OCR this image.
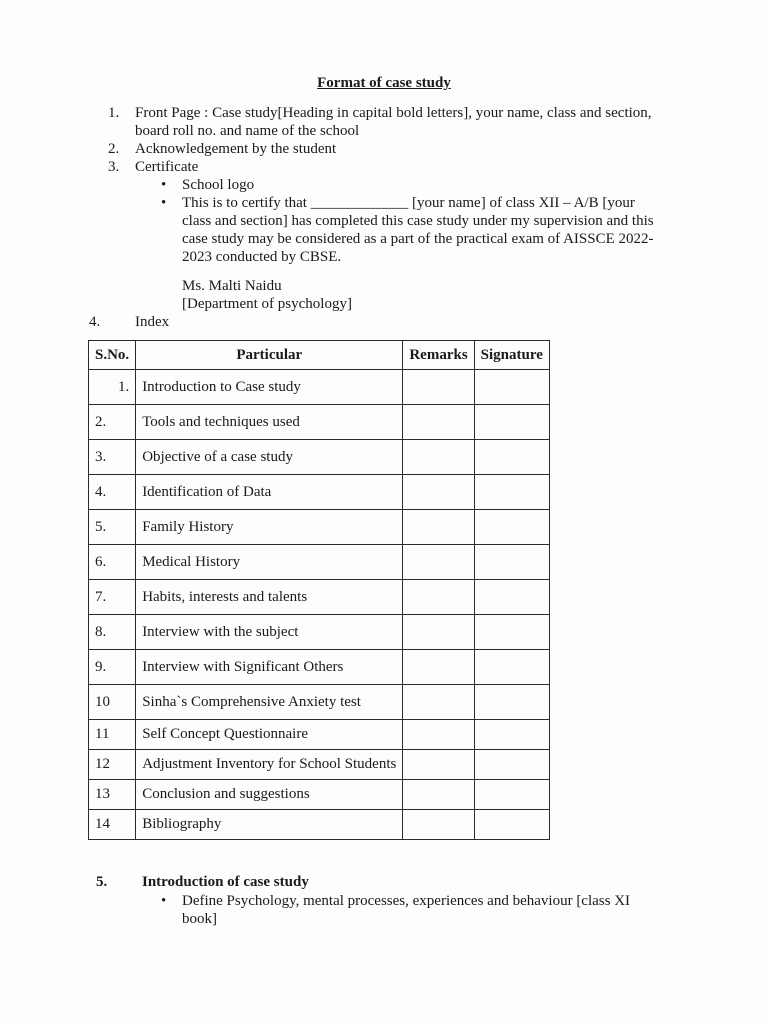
Format of case study
1.	Front Page : Case study[Heading in capital bold letters], your name, class and section,
board roll no. and name of the school
2.	Acknowledgement by the student
3.	Certificate
• School logo
• This is to certify that _____________ [your name] of class XII – A/B [your
class and section] has completed this case study under my supervision and this
case study may be considered as a part of the practical exam of AISSCE 2022-
2023 conducted by CBSE.
Ms. Malti Naidu
[Department of psychology]
4. Index
S.No.	Particular	Remarks	Signature
1.	Introduction to Case study		
2.	Tools and techniques used		
3.	Objective of a case study		
4.	Identification of Data		
5.	Family History		
6.	Medical History		
7.	Habits, interests and talents		
8.	Interview with the subject		
9.	Interview with Significant Others		
10	Sinha`s Comprehensive Anxiety test		
11	Self Concept Questionnaire		
12	Adjustment Inventory for School Students		
13	Conclusion and suggestions		
14	Bibliography		
5. Introduction of case study
• Define Psychology, mental processes, experiences and behaviour [class XI
book]
